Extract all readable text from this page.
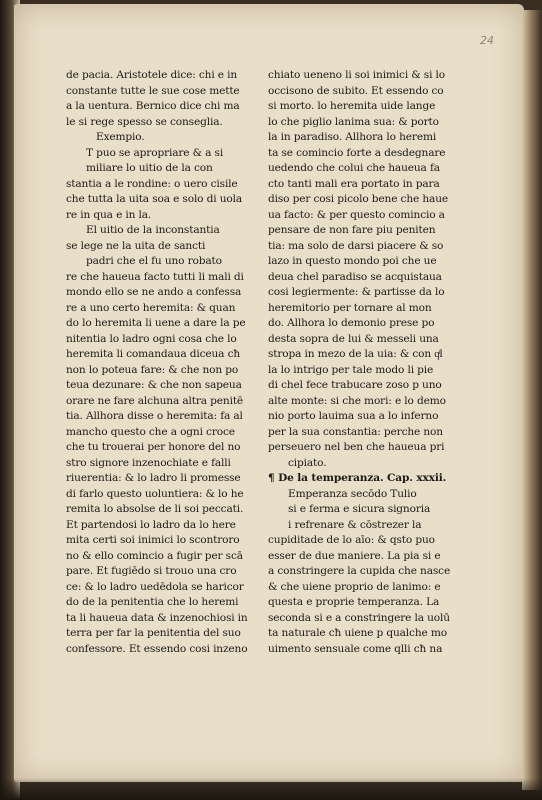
24
de pacia. Aristotele dice: chi e in
constante tutte le sue cose mette
a la uentura. Bernico dice chi ma
le si rege spesso se conseglia.
Exempio.
T puo se apropriare & a si
miliare lo uitio de la con
stantia a le rondine: o uero cisile
che tutta la uita soa e solo di uola
re in qua e in la.
El uitio de la inconstantia
se lege ne la uita de sancti
padri che el fu uno robato
re che haueua facto tutti li mali di
mondo ello se ne ando a confessa
re a uno certo heremita: & quan
do lo heremita li uene a dare la pe
nitentia lo ladro ogni cosa che lo
heremita li comandaua diceua cħ
non lo poteua fare: & che non po
teua dezunare: & che non sapeua
orare ne fare alchuna altra penitē
tia. Allhora disse o heremita: fa al
mancho questo che a ogni croce
che tu trouerai per honore del no
stro signore inzenochiate e falli
riuerentia: & lo ladro li promesse
di farlo questo uoluntiera: & lo he
remita lo absolse de li soi peccati.
Et partendosi lo ladro da lo here
mita certi soi inimici lo scontroro
no & ello comincio a fugir per scā
pare. Et fugiēdo si trouo una cro
ce: & lo ladro uedēdola se haricor
do de la penitentia che lo heremi
ta li haueua data & inzenochiosi in
terra per far la penitentia del suo
confessore. Et essendo cosi inzeno
chiato ueneno li soi inimici & si lo
occisono de subito. Et essendo co
si morto. lo heremita uide lange
lo che piglio lanima sua: & porto
la in paradiso. Allhora lo heremi
ta se comincio forte a desdegnare
uedendo che colui che haueua fa
cto tanti mali era portato in para
diso per cosi picolo bene che haue
ua facto: & per questo comincio a
pensare de non fare piu peniten
tia: ma solo de darsi piacere & so
lazo in questo mondo poi che ue
deua chel paradiso se acquistaua
cosi legiermente: & partisse da lo
heremitorio per tornare al mon
do. Allhora lo demonio prese po
desta sopra de lui & messeli una
stropa in mezo de la uia: & con qͥl
la lo intrigo per tale modo li pie
di chel fece trabucare zoso p uno
alte monte: si che mori: e lo demo
nio porto lauima sua a lo inferno
per la sua constantia: perche non
perseuero nel ben che haueua pri
cipiato.
¶ De la temperanza. Cap. xxxii.
Emperanza secōdo Tulio
si e ferma e sicura signoria
i refrenare & cōstrezer la
cupiditade de lo aīo: & qsto puo
esser de due maniere. La pia si e
a constringere la cupida che nasce
& che uiene proprio de lanimo: e
questa e proprie temperanza. La
seconda si e a constringere la uolū
ta naturale cħ uiene p qualche mo
uimento sensuale come qlli cħ na
